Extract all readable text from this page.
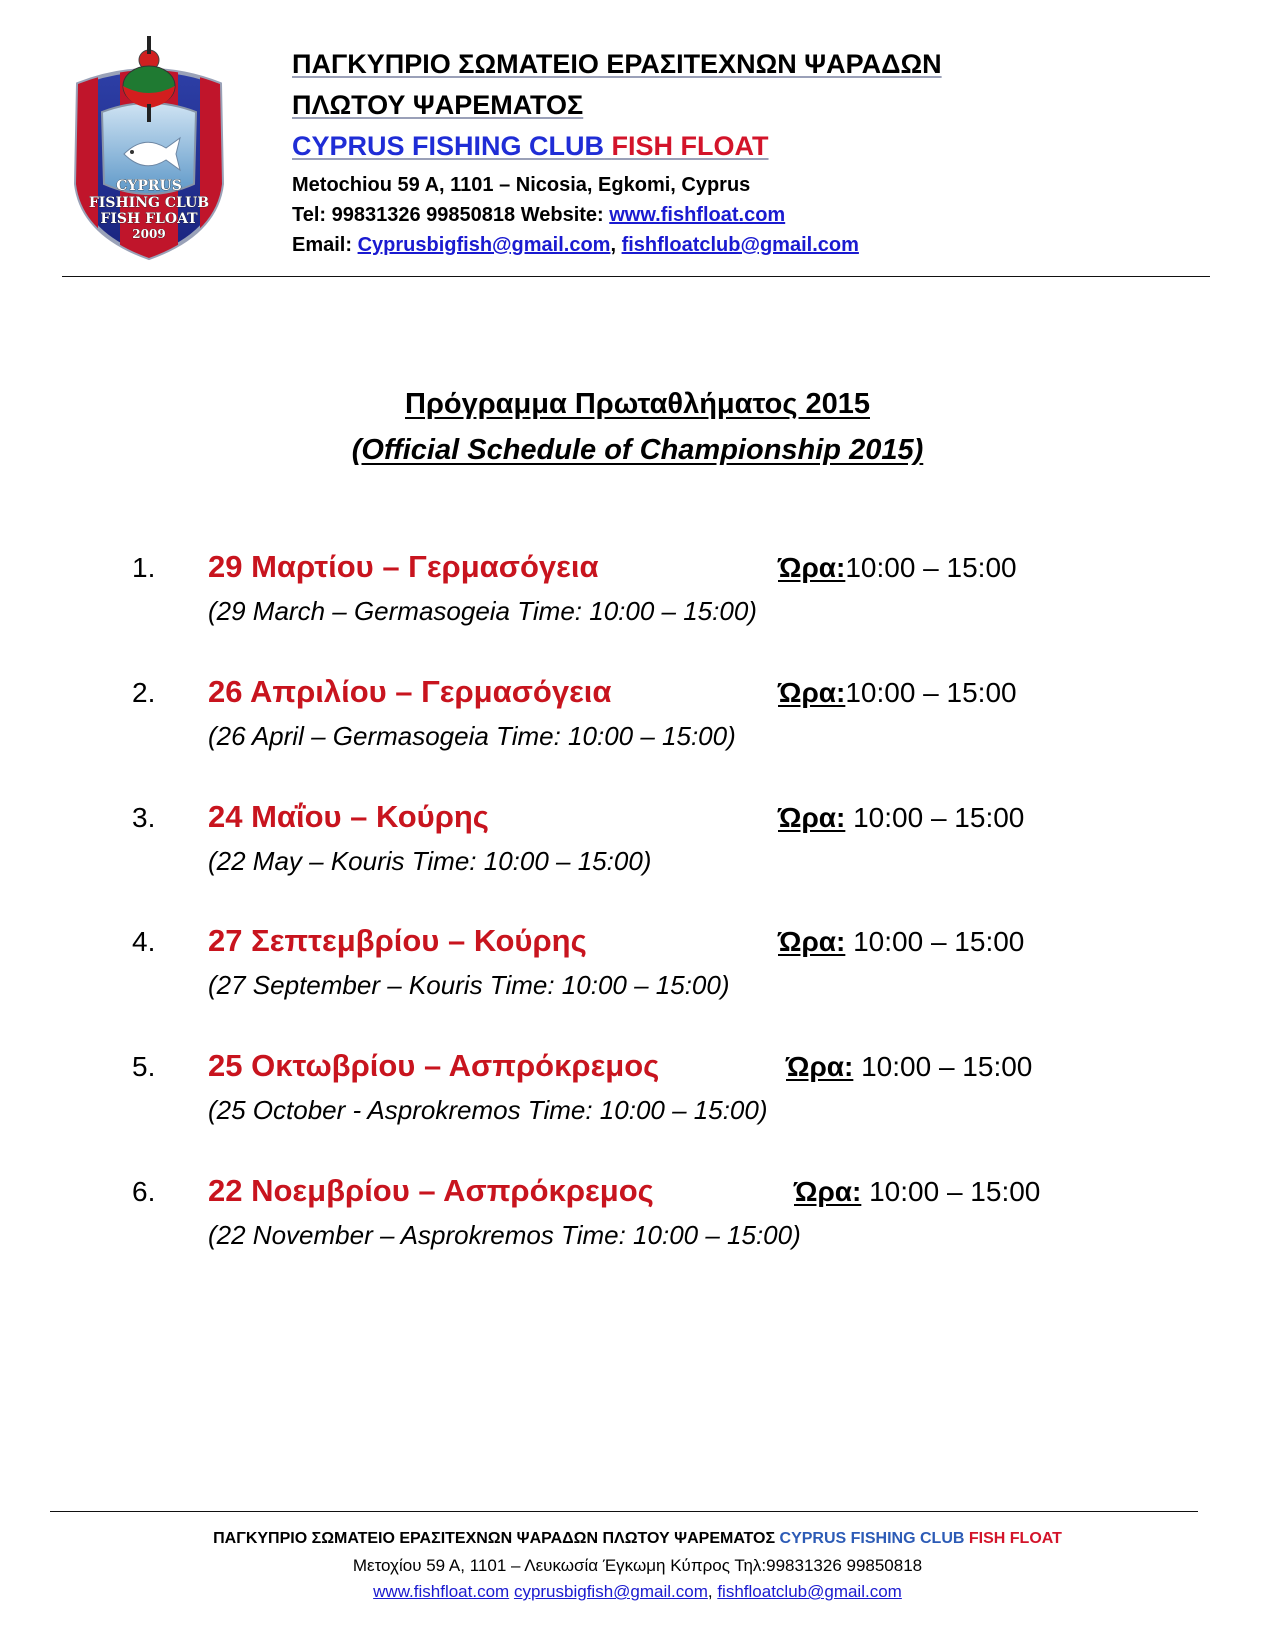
CYPRUS
FISHING CLUB
FISH FLOAT
2009
ΠΑΓΚΥΠΡΙΟ ΣΩΜΑΤΕΙΟ ΕΡΑΣΙΤΕΧΝΩΝ ΨΑΡΑΔΩΝ
ΠΛΩΤΟΥ ΨΑΡΕΜΑΤΟΣ
CYPRUS FISHING CLUB FISH FLOAT
Metochiou 59 A, 1101 – Nicosia, Egkomi, Cyprus
Tel: 99831326 99850818 Website: www.fishfloat.com
Email: Cyprusbigfish@gmail.com, fishfloatclub@gmail.com
Πρόγραμμα Πρωταθλήματος 2015
(Official Schedule of Championship 2015)
1. 29 Μαρτίου – Γερμασόγεια	Ώρα:10:00 – 15:00
(29 March – Germasogeia Time: 10:00 – 15:00)
2. 26 Απριλίου – Γερμασόγεια	Ώρα:10:00 – 15:00
(26 April – Germasogeia Time: 10:00 – 15:00)
3. 24 Μαΐου – Κούρης	Ώρα: 10:00 – 15:00
(22 May – Kouris Time: 10:00 – 15:00)
4. 27 Σεπτεμβρίου – Κούρης	Ώρα: 10:00 – 15:00
(27 September – Kouris Time: 10:00 – 15:00)
5. 25 Οκτωβρίου – Ασπρόκρεμος	Ώρα: 10:00 – 15:00
(25 October - Asprokremos Time: 10:00 – 15:00)
6. 22 Νοεμβρίου – Ασπρόκρεμος	Ώρα: 10:00 – 15:00
(22 November – Asprokremos Time: 10:00 – 15:00)
ΠΑΓΚΥΠΡΙΟ ΣΩΜΑΤΕΙΟ ΕΡΑΣΙΤΕΧΝΩΝ ΨΑΡΑΔΩΝ ΠΛΩΤΟΥ ΨΑΡΕΜΑΤΟΣ CYPRUS FISHING CLUB FISH FLOAT
Μετοχίου 59 Α, 1101 – Λευκωσία Έγκωμη Κύπρος Τηλ:99831326 99850818
www.fishfloat.com cyprusbigfish@gmail.com, fishfloatclub@gmail.com
